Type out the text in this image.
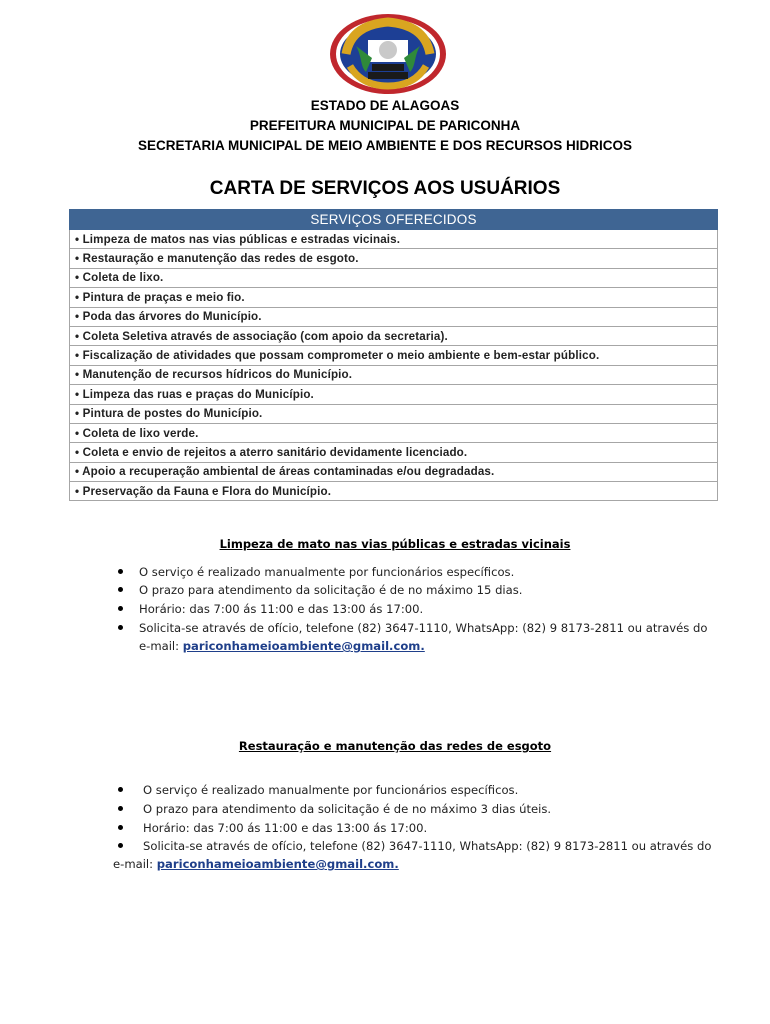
ESTADO DE ALAGOAS
PREFEITURA MUNICIPAL DE PARICONHA
SECRETARIA MUNICIPAL DE MEIO AMBIENTE E DOS RECURSOS HIDRICOS
CARTA DE SERVIÇOS AOS USUÁRIOS
SERVIÇOS OFERECIDOS
• Limpeza de matos nas vias públicas e estradas vicinais.
• Restauração e manutenção das redes de esgoto.
• Coleta de lixo.
• Pintura de praças e meio fio.
• Poda das árvores do Município.
• Coleta Seletiva através de associação (com apoio da secretaria).
• Fiscalização de atividades que possam comprometer o meio ambiente e bem-estar público.
• Manutenção de recursos hídricos do Município.
• Limpeza das ruas e praças do Município.
• Pintura de postes do Município.
• Coleta de lixo verde.
• Coleta e envio de rejeitos a aterro sanitário devidamente licenciado.
• Apoio a recuperação ambiental de áreas contaminadas e/ou degradadas.
• Preservação da Fauna e Flora do Município.
Limpeza de mato nas vias públicas e estradas vicinais
O serviço é realizado manualmente por funcionários específicos.
O prazo para atendimento da solicitação é de no máximo 15 dias.
Horário: das 7:00 ás 11:00 e das 13:00 ás 17:00.
Solicita-se através de ofício, telefone (82) 3647-1110, WhatsApp: (82) 9 8173-2811 ou através do
e-mail: pariconhameioambiente@gmail.com.
Restauração e manutenção das redes de esgoto
O serviço é realizado manualmente por funcionários específicos.
O prazo para atendimento da solicitação é de no máximo 3 dias úteis.
Horário: das 7:00 ás 11:00 e das 13:00 ás 17:00.
Solicita-se através de ofício, telefone (82) 3647-1110, WhatsApp: (82) 9 8173-2811 ou através do
e-mail: pariconhameioambiente@gmail.com.
